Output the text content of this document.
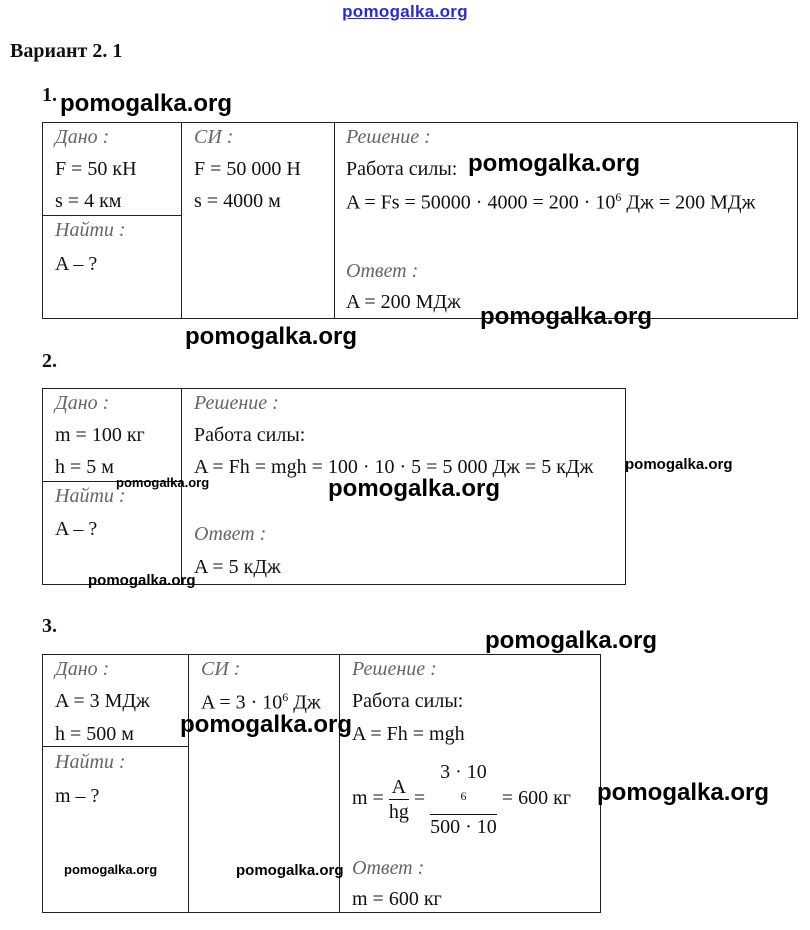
pomogalka.org
Вариант 2. 1
1.
Дано :
F = 50 кН
s = 4 км
Найти :
A – ?
СИ :
F = 50 000 Н
s = 4000 м
Решение :
Работа силы:
$A = Fs = 50000 \cdot 4000 = 200 \cdot 10^6$ Дж = 200 МДж
Ответ :
A = 200 МДж
2.
Дано :
m = 100 кг
h = 5 м
Найти :
A – ?
Решение :
Работа силы:
A = Fh = mgh = 100 · 10 · 5 = 5 000 Дж = 5 кДж
Ответ :
A = 5 кДж
3.
Дано :
A = 3 МДж
h = 500 м
Найти :
m – ?
СИ :
$A = 3 \cdot 10^6$ Дж
Решение :
Работа силы:
A = Fh = mgh
$m = \frac{A}{hg} = 3 \cdot 10$
$^6$
500 · 10 = 600 кг
Ответ :
m = 600 кг
pomogalka.org
pomogalka.org
pomogalka.org
pomogalka.org
pomogalka.org
pomogalka.org	pomogalka.org
pomogalka.org
pomogalka.org
pomogalka.org
pomogalka.org
pomogalka.org	pomogalka.org
